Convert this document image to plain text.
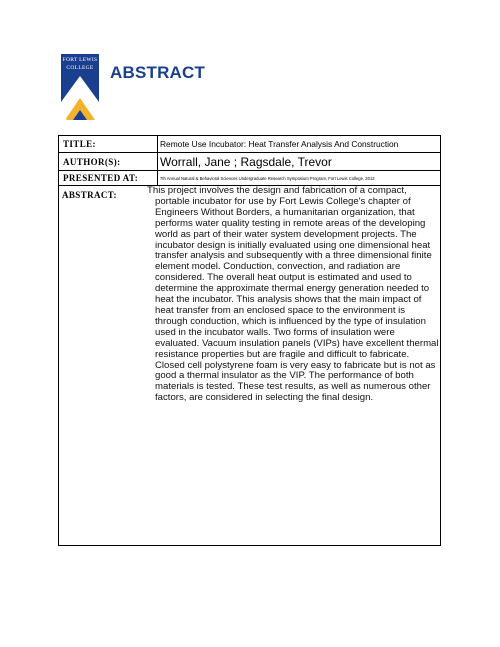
FORT LEWIS
COLLEGE ABSTRACT
TITLE:	Remote Use Incubator: Heat Transfer Analysis And Construction
AUTHOR(S):	Worrall, Jane ; Ragsdale, Trevor
PRESENTED AT:	7th Annual Natural & Behavioral Sciences Undergraduate Research Symposium Program, Fort Lewis College, 2012
ABSTRACT:	This project involves the design and fabrication of a compact, portable incubator for use by Fort Lewis College's chapter of Engineers Without Borders, a humanitarian organization, that performs water quality testing in remote areas of the developing world as part of their water system development projects. The incubator design is initially evaluated using one dimensional heat transfer analysis and subsequently with a three dimensional finite element model. Conduction, convection, and radiation are considered. The overall heat output is estimated and used to determine the approximate thermal energy generation needed to heat the incubator. This analysis shows that the main impact of heat transfer from an enclosed space to the environment is through conduction, which is influenced by the type of insulation used in the incubator walls. Two forms of insulation were evaluated. Vacuum insulation panels (VIPs) have excellent thermal resistance properties but are fragile and difficult to fabricate. Closed cell polystyrene foam is very easy to fabricate but is not as good a thermal insulator as the VIP. The performance of both materials is tested. These test results, as well as numerous other factors, are considered in selecting the final design.
